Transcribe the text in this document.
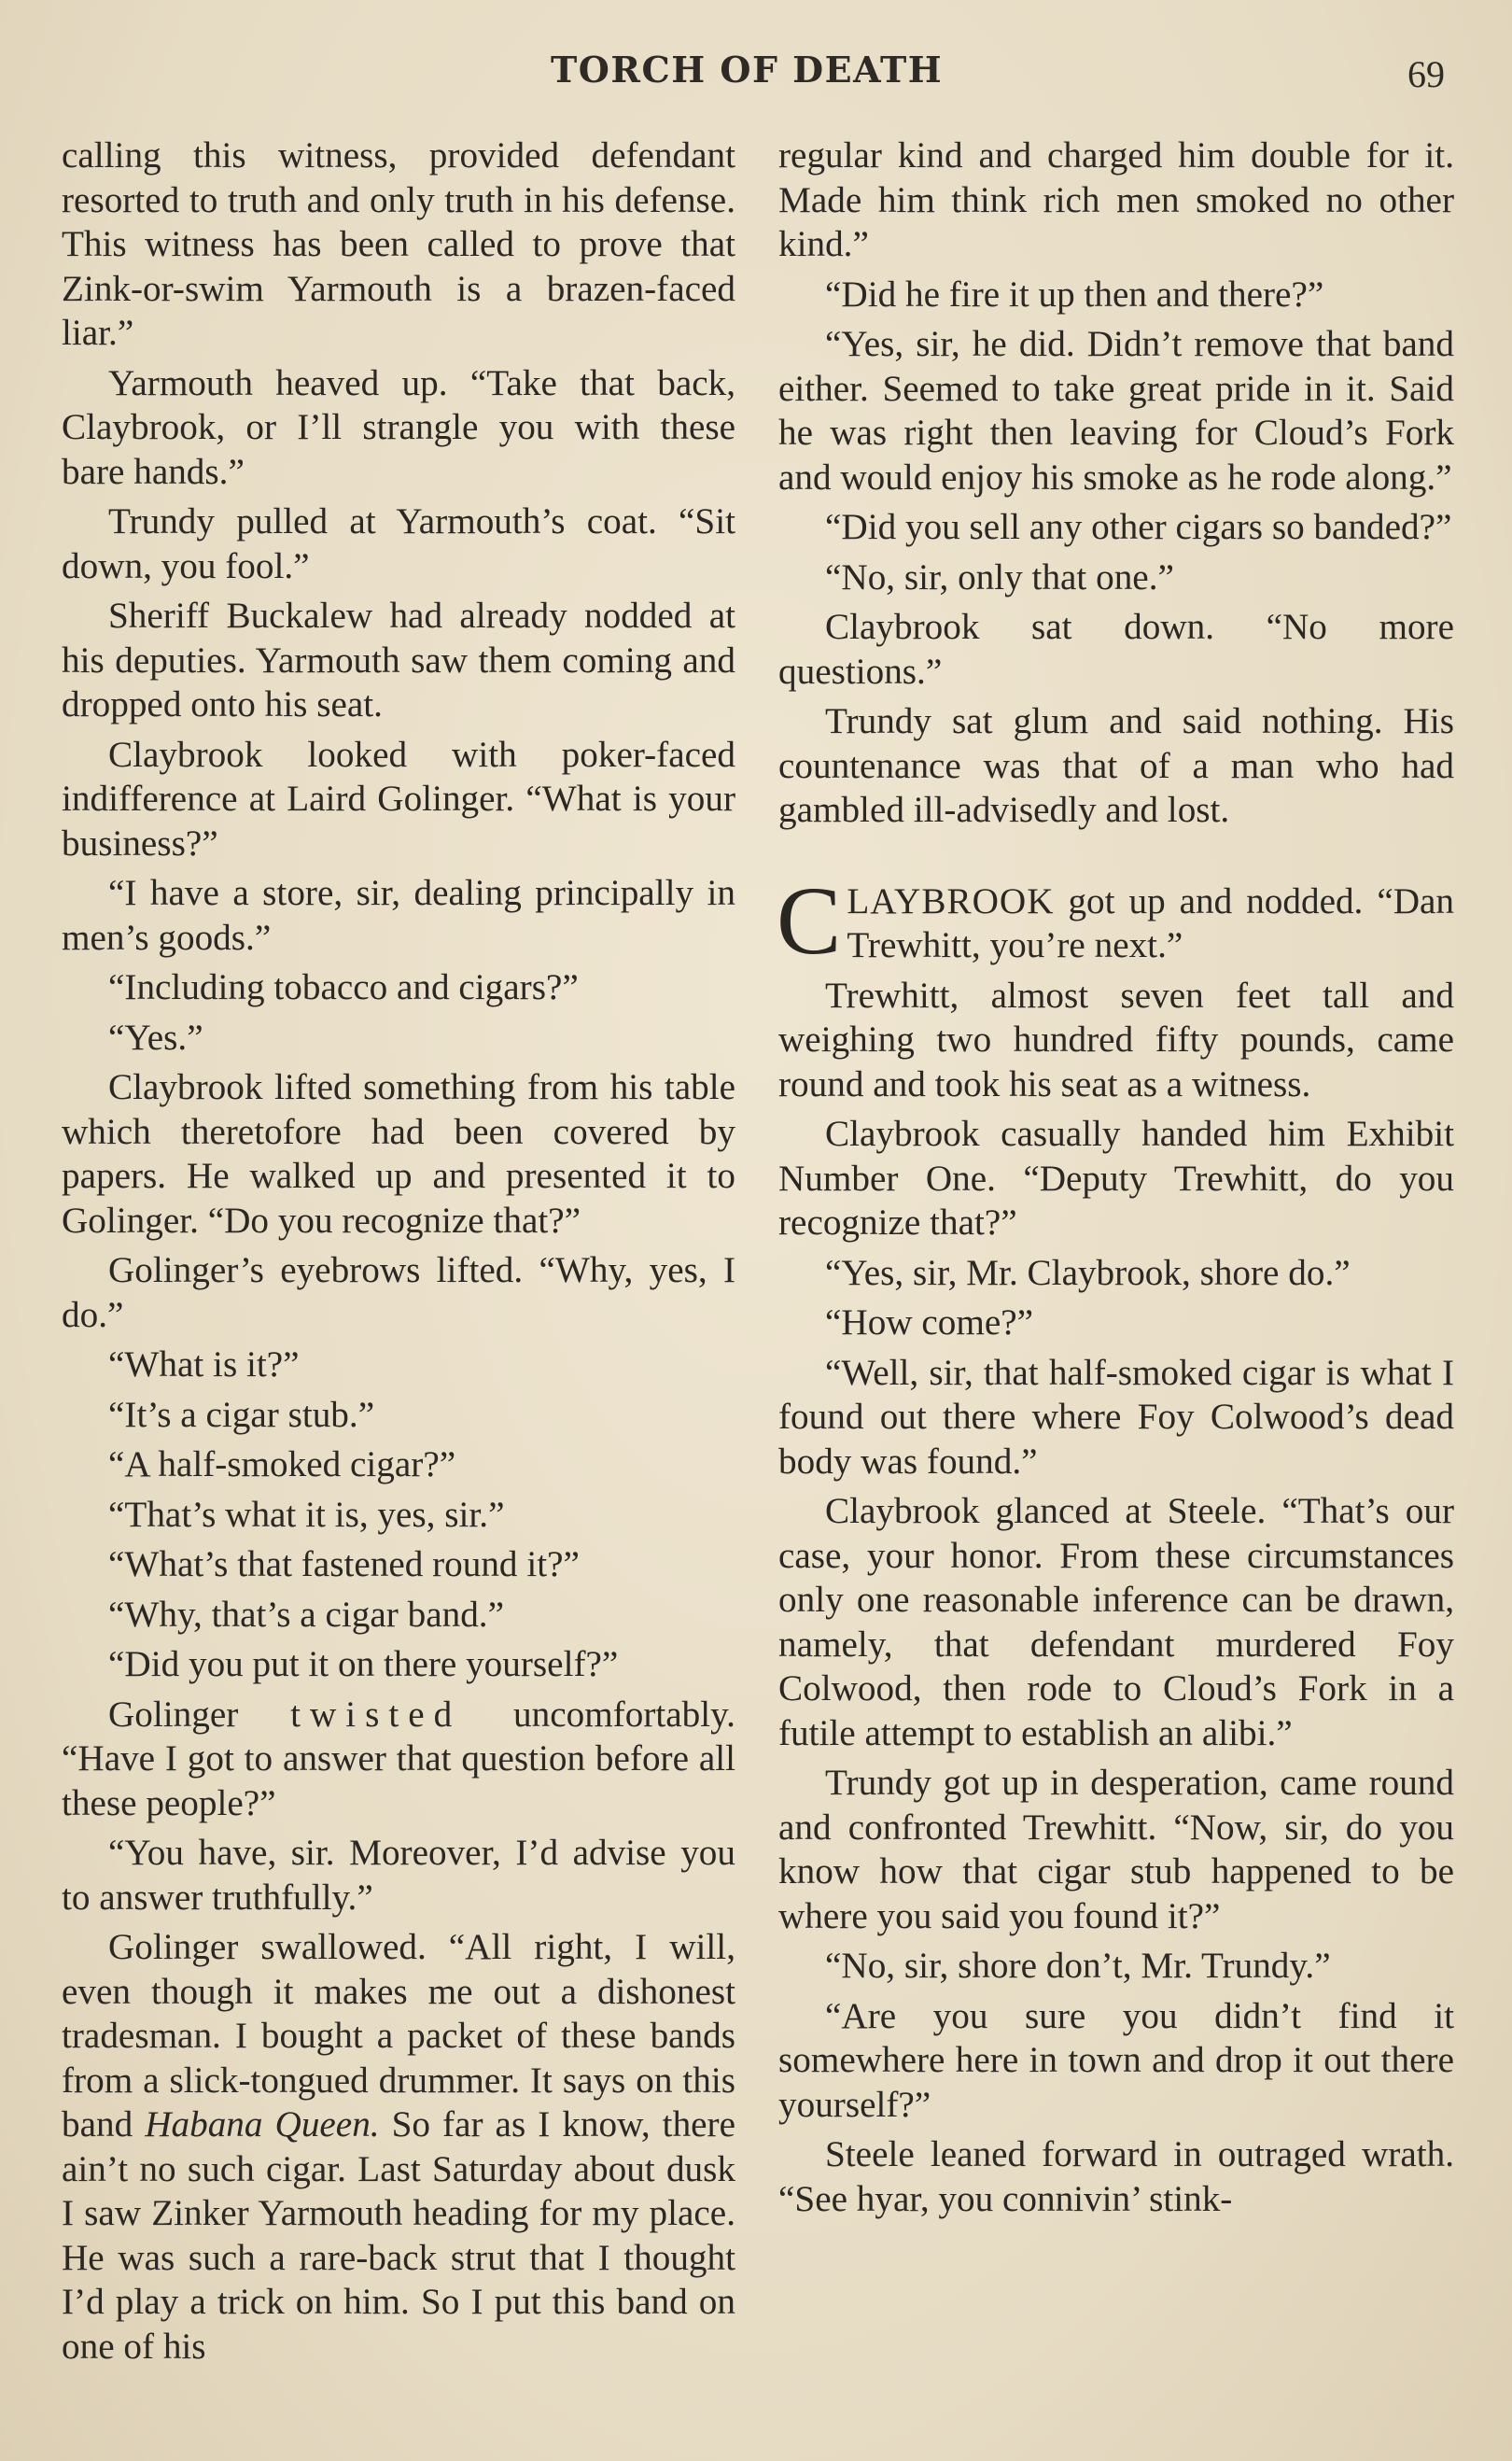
TORCH OF DEATH	69

calling this witness, provided defendant resorted to truth and only truth in his defense. This witness has been called to prove that Zink-or-swim Yarmouth is a brazen-faced liar.”

Yarmouth heaved up. “Take that back, Claybrook, or I’ll strangle you with these bare hands.”

Trundy pulled at Yarmouth’s coat. “Sit down, you fool.”

Sheriff Buckalew had already nodded at his deputies. Yarmouth saw them coming and dropped onto his seat.

Claybrook looked with poker-faced indifference at Laird Golinger. “What is your business?”

“I have a store, sir, dealing principally in men’s goods.”

“Including tobacco and cigars?”

“Yes.”

Claybrook lifted something from his table which theretofore had been covered by papers. He walked up and presented it to Golinger. “Do you recognize that?”

Golinger’s eyebrows lifted. “Why, yes, I do.”

“What is it?”

“It’s a cigar stub.”

“A half-smoked cigar?”

“That’s what it is, yes, sir.”

“What’s that fastened round it?”

“Why, that’s a cigar band.”

“Did you put it on there yourself?”

Golinger twisted uncomfortably. “Have I got to answer that question before all these people?”

“You have, sir. Moreover, I’d advise you to answer truthfully.”

Golinger swallowed. “All right, I will, even though it makes me out a dishonest tradesman. I bought a packet of these bands from a slick-tongued drummer. It says on this band Habana Queen. So far as I know, there ain’t no such cigar. Last Saturday about dusk I saw Zinker Yarmouth heading for my place. He was such a rare-back strut that I thought I’d play a trick on him. So I put this band on one of his

regular kind and charged him double for it. Made him think rich men smoked no other kind.”

“Did he fire it up then and there?”

“Yes, sir, he did. Didn’t remove that band either. Seemed to take great pride in it. Said he was right then leaving for Cloud’s Fork and would enjoy his smoke as he rode along.”

“Did you sell any other cigars so banded?”

“No, sir, only that one.”

Claybrook sat down. “No more questions.”

Trundy sat glum and said nothing. His countenance was that of a man who had gambled ill-advisedly and lost.

CLAYBROOK got up and nodded. “Dan Trewhitt, you’re next.”

Trewhitt, almost seven feet tall and weighing two hundred fifty pounds, came round and took his seat as a witness.

Claybrook casually handed him Exhibit Number One. “Deputy Trewhitt, do you recognize that?”

“Yes, sir, Mr. Claybrook, shore do.”

“How come?”

“Well, sir, that half-smoked cigar is what I found out there where Foy Colwood’s dead body was found.”

Claybrook glanced at Steele. “That’s our case, your honor. From these circumstances only one reasonable inference can be drawn, namely, that defendant murdered Foy Colwood, then rode to Cloud’s Fork in a futile attempt to establish an alibi.”

Trundy got up in desperation, came round and confronted Trewhitt. “Now, sir, do you know how that cigar stub happened to be where you said you found it?”

“No, sir, shore don’t, Mr. Trundy.”

“Are you sure you didn’t find it somewhere here in town and drop it out there yourself?”

Steele leaned forward in outraged wrath. “See hyar, you connivin’ stink-
